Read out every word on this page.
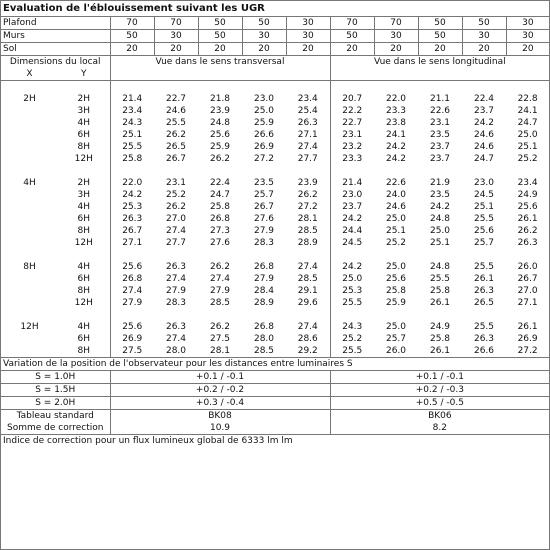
Evaluation de l'éblouissement suivant les UGR											
Plafond		70	70	50	50	30	70	70	50	50	30
Murs		50	30	50	30	30	50	30	50	30	30
Sol		20	20	20	20	20	20	20	20	20	20
Dimensions du local		Vue dans le sens transversal					Vue dans le sens longitudinal				
X	Y										

2H	2H	21.4	22.7	21.8	23.0	23.4	20.7	22.0	21.1	22.4	22.8
	3H	23.4	24.6	23.9	25.0	25.4	22.2	23.3	22.6	23.7	24.1
	4H	24.3	25.5	24.8	25.9	26.3	22.7	23.8	23.1	24.2	24.7
	6H	25.1	26.2	25.6	26.6	27.1	23.1	24.1	23.5	24.6	25.0
	8H	25.5	26.5	25.9	26.9	27.4	23.2	24.2	23.7	24.6	25.1
	12H	25.8	26.7	26.2	27.2	27.7	23.3	24.2	23.7	24.7	25.2

4H	2H	22.0	23.1	22.4	23.5	23.9	21.4	22.6	21.9	23.0	23.4
	3H	24.2	25.2	24.7	25.7	26.2	23.0	24.0	23.5	24.5	24.9
	4H	25.3	26.2	25.8	26.7	27.2	23.7	24.6	24.2	25.1	25.6
	6H	26.3	27.0	26.8	27.6	28.1	24.2	25.0	24.8	25.5	26.1
	8H	26.7	27.4	27.3	27.9	28.5	24.4	25.1	25.0	25.6	26.2
	12H	27.1	27.7	27.6	28.3	28.9	24.5	25.2	25.1	25.7	26.3

8H	4H	25.6	26.3	26.2	26.8	27.4	24.2	25.0	24.8	25.5	26.0
	6H	26.8	27.4	27.4	27.9	28.5	25.0	25.6	25.5	26.1	26.7
	8H	27.4	27.9	27.9	28.4	29.1	25.3	25.8	25.8	26.3	27.0
	12H	27.9	28.3	28.5	28.9	29.6	25.5	25.9	26.1	26.5	27.1

12H	4H	25.6	26.3	26.2	26.8	27.4	24.3	25.0	24.9	25.5	26.1
	6H	26.9	27.4	27.5	28.0	28.6	25.2	25.7	25.8	26.3	26.9
	8H	27.5	28.0	28.1	28.5	29.2	25.5	26.0	26.1	26.6	27.2
Variation de la position de l'observateur pour les distances entre luminaires S											
S = 1.0H		+0.1 / -0.1					+0.1 / -0.1				
S = 1.5H		+0.2 / -0.2					+0.2 / -0.3				
S = 2.0H		+0.3 / -0.4					+0.5 / -0.5				
Tableau standard		BK08					BK06				
Somme de correction		10.9					8.2				
Indice de correction pour un flux lumineux global de 6333 lm lm											
